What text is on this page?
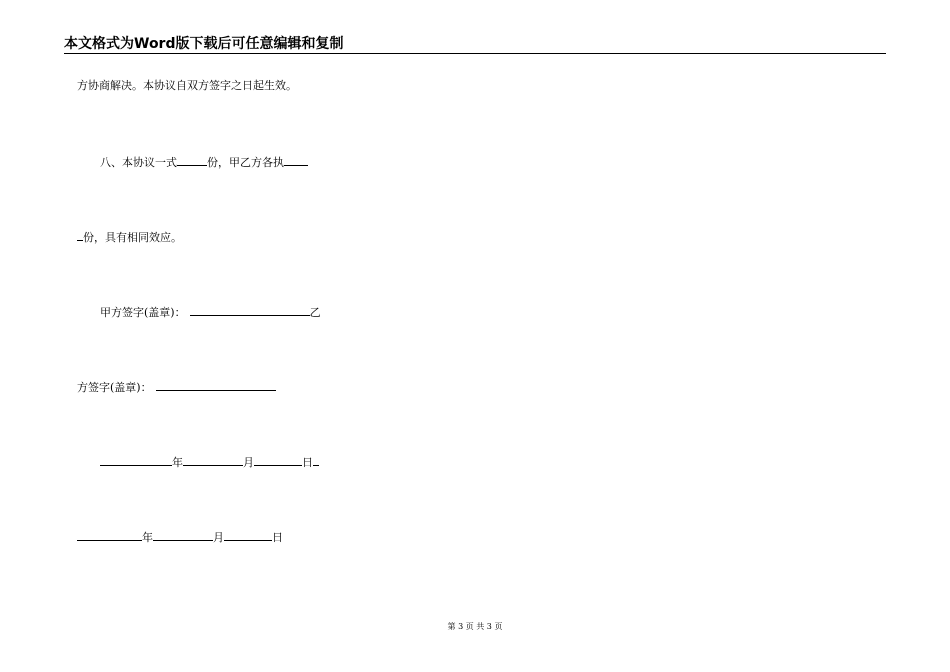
本文格式为Word版下载后可任意编辑和复制
方协商解决。本协议自双方签字之日起生效。
八、本协议一式	份，甲乙方各执
份，具有相同效应。
甲方签字(盖章)：	乙
方签字(盖章)：
年	月	日
年	月	日
第 3 页 共 3 页
